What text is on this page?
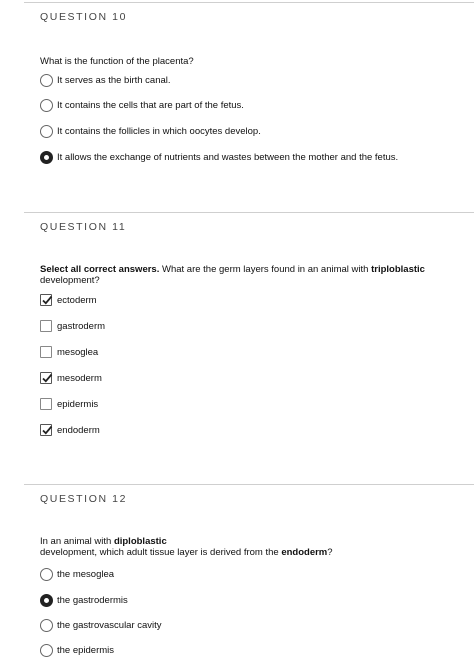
QUESTION 10
What is the function of the placenta?
It serves as the birth canal.
It contains the cells that are part of the fetus.
It contains the follicles in which oocytes develop.
It allows the exchange of nutrients and wastes between the mother and the fetus.
QUESTION 11
Select all correct answers. What are the germ layers found in an animal with triploblastic
development?
ectoderm
gastroderm
mesoglea
mesoderm
epidermis
endoderm
QUESTION 12
In an animal with diploblastic
development, which adult tissue layer is derived from the endoderm?
the mesoglea
the gastrodermis
the gastrovascular cavity
the epidermis
